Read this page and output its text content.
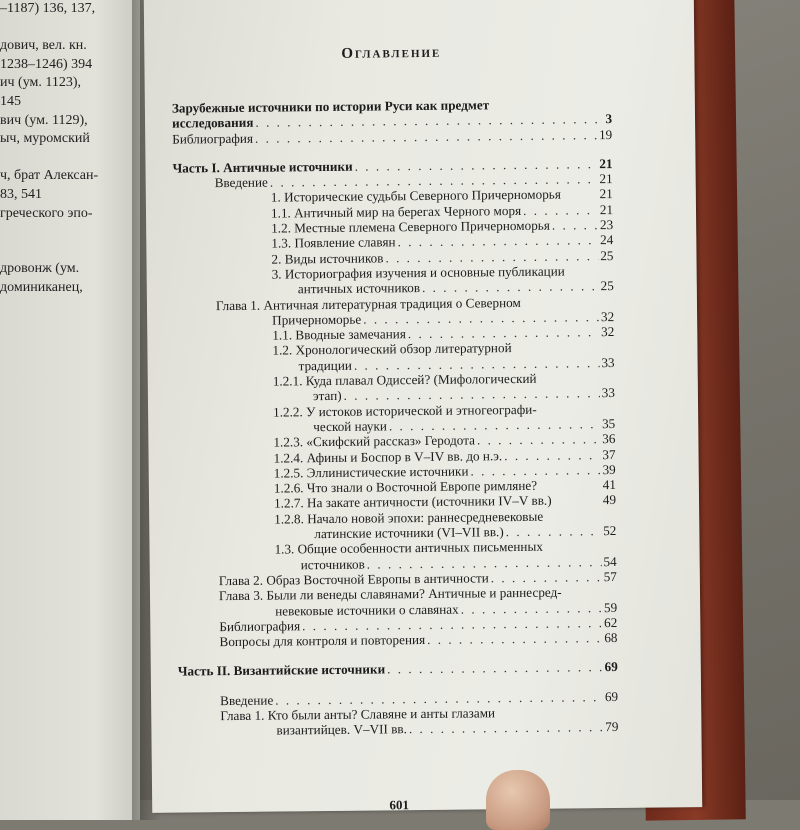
–1187) 136, 137,

дович, вел. кн.
1238–1246) 394
ич (ум. 1123),
145
вич (ум. 1129),
ыч, муромский

ч, брат Алексан-
83, 541
греческого эпо-

дровонж (ум.
доминиканец,
Оглавление
Зарубежные источники по истории Руси как предмет
исследования . . .	3
Библиография . . .	19
Часть I. Античные источники . . .	21
Введение . . .	21
1. Исторические судьбы Северного Причерноморья	21
1.1. Античный мир на берегах Черного моря . . .	21
1.2. Местные племена Северного Причерноморья . . .	23
1.3. Появление славян . . .	24
2. Виды источников . . .	25
3. Историография изучения и основные публикации
античных источников . . .	25
Глава 1. Античная литературная традиция о Северном
Причерноморье . . .	32
1.1. Вводные замечания . . .	32
1.2. Хронологический обзор литературной
традиции . . .	33
1.2.1. Куда плавал Одиссей? (Мифологический
этап) . . .	33
1.2.2. У истоков исторической и этногеографи-
ческой науки . . .	35
1.2.3. «Скифский рассказ» Геродота . . .	36
1.2.4. Афины и Боспор в V–IV вв. до н.э. . . .	37
1.2.5. Эллинистические источники . . .	39
1.2.6. Что знали о Восточной Европе римляне?	41
1.2.7. На закате античности (источники IV–V вв.)	49
1.2.8. Начало новой эпохи: раннесредневековые
латинские источники (VI–VII вв.) . . .	52
1.3. Общие особенности античных письменных
источников . . .	54
Глава 2. Образ Восточной Европы в античности . . .	57
Глава 3. Были ли венеды славянами? Античные и раннесред-
невековые источники о славянах . . .	59
Библиография . . .	62
Вопросы для контроля и повторения . . .	68
Часть II. Византийские источники . . .	69
Введение . . .	69
Глава 1. Кто были анты? Славяне и анты глазами
византийцев. V–VII вв. . . .	79
601
